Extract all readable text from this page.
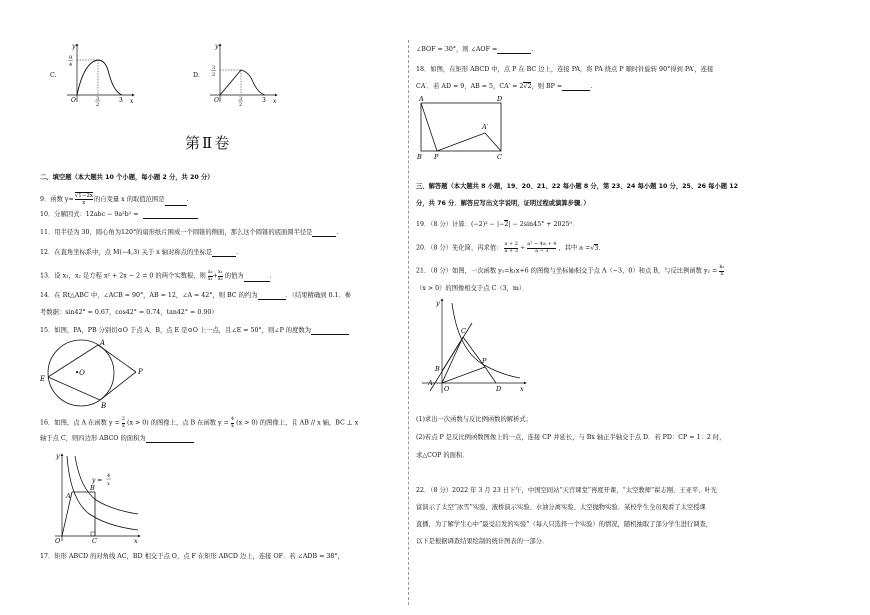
C.
y
x
O
9
4
3
2
3
D.
y
x
O
3
2
3
2
3
第Ⅱ卷
二、填空题（本大题共 10 个小题，每小题 2 分，共 20 分）
9．函数 $y=\frac{√1-2x}{x}$ 的自变量 x 的取值范围是	.
10．分解因式：12abc − 9a²b² =
11．用半径为 30，圆心角为120°的扇形纸片围成一个圆锥的侧面，那么这个圆锥的底面圆半径是	.
12．在直角坐标系中，点 M(−4,3) 关于 x 轴对称点的坐标是	.
13．设 x₁，x₂ 是方程 x² + 2x − 2 = 0 的两个实数根，则 $\frac{\text{x₂}}{\text{x₁}} +\frac{\text{x₁}}{\text{x₂}}$ 的值为	.
14．在 Rt△ABC 中，∠ACB = 90°，AB = 12，∠A = 42°，则 BC 的约为	．（结果精确到 0.1．参
考数据：sin42° ≈ 0.67，cos42° ≈ 0.74，tan42° ≈ 0.90）
15．如图，PA，PB 分别切⊙O 于点 A，B，点 E 是⊙O 上一点，且∠E = 50°，则∠P 的度数为
A
B
E
•O	P
16．如图，点 A 在函数 $y = \frac{2}{x} (x > 0)$ 的图像上，点 B 在函数 $y = \frac{4}{x} (x > 0)$ 的图像上，且 AB // x 轴，BC ⊥ x
轴于点 C，则四边形 ABCO 的面积为
y
x
O	C
A
B
y =
4
x
17．矩形 ABCD 的对角线 AC，BD 相交于点 O，点 F 在矩形 ABCD 边上，连接 OF．若 ∠ADB = 38°，
∠BOF = 30°，则 ∠AOF =	.
18．如图，在矩形 ABCD 中，点 P 在 BC 边上，连接 PA，将 PA 绕点 P 顺时针旋转 90°得到 PA′，连接
CA′．若 AD = 9，AB = 5，CA′ = 2√2，则 BP =	.
A	D
B P	C
A′
三、解答题（本大题共 8 小题，19、20、21、22 每小题 8 分，第 23、24 每小题 10 分，25、26 每小题 12
分，共 76 分．解答应写出文字说明，证明过程或演算步骤．）
19．（8 分）计算：(−2)² − |−2| − 2sin45° + 2025⁰．
20．（8 分）先化简，再求值： $\frac{a + 2}{a + 3} \div \frac{\text{a² − 4a + 4}}{a - 3}$ ，其中 a =√3．
21．（8 分）如图，一次函数 y₁=k₁x+6 的图像与坐标轴相交于点 A（−3，0）和点 B，与反比例函数 $y_2 = \frac{\text{k₂}}{x}$
（x > 0）的图像相交于点 C（3，m）．
y
x
O
A
B
C
P
D
(1)求出一次函数与反比例函数的解析式；
(2)若点 P 是反比例函数图像上的一点，连接 CP 并延长，与 Bx 轴正半轴交于点 D．若 PD：CP = 1：2 时，
求△COP 的面积．
22．（8 分）2022 年 3 月 23 日下午，中国空间站“天宫课堂”再度开课，“太空教师”翟志刚、王亚平、叶光
富演示了太空“冰雪”实验、液桥演示实验、水油分离实验、太空抛物实验．某校学生全员观看了太空授课
直播，为了解学生心中“最受启发的实验”（每人只选择一个实验）的情况，随机抽取了部分学生进行调查，
以下是根据调查结果绘制的统计图表的一部分．
